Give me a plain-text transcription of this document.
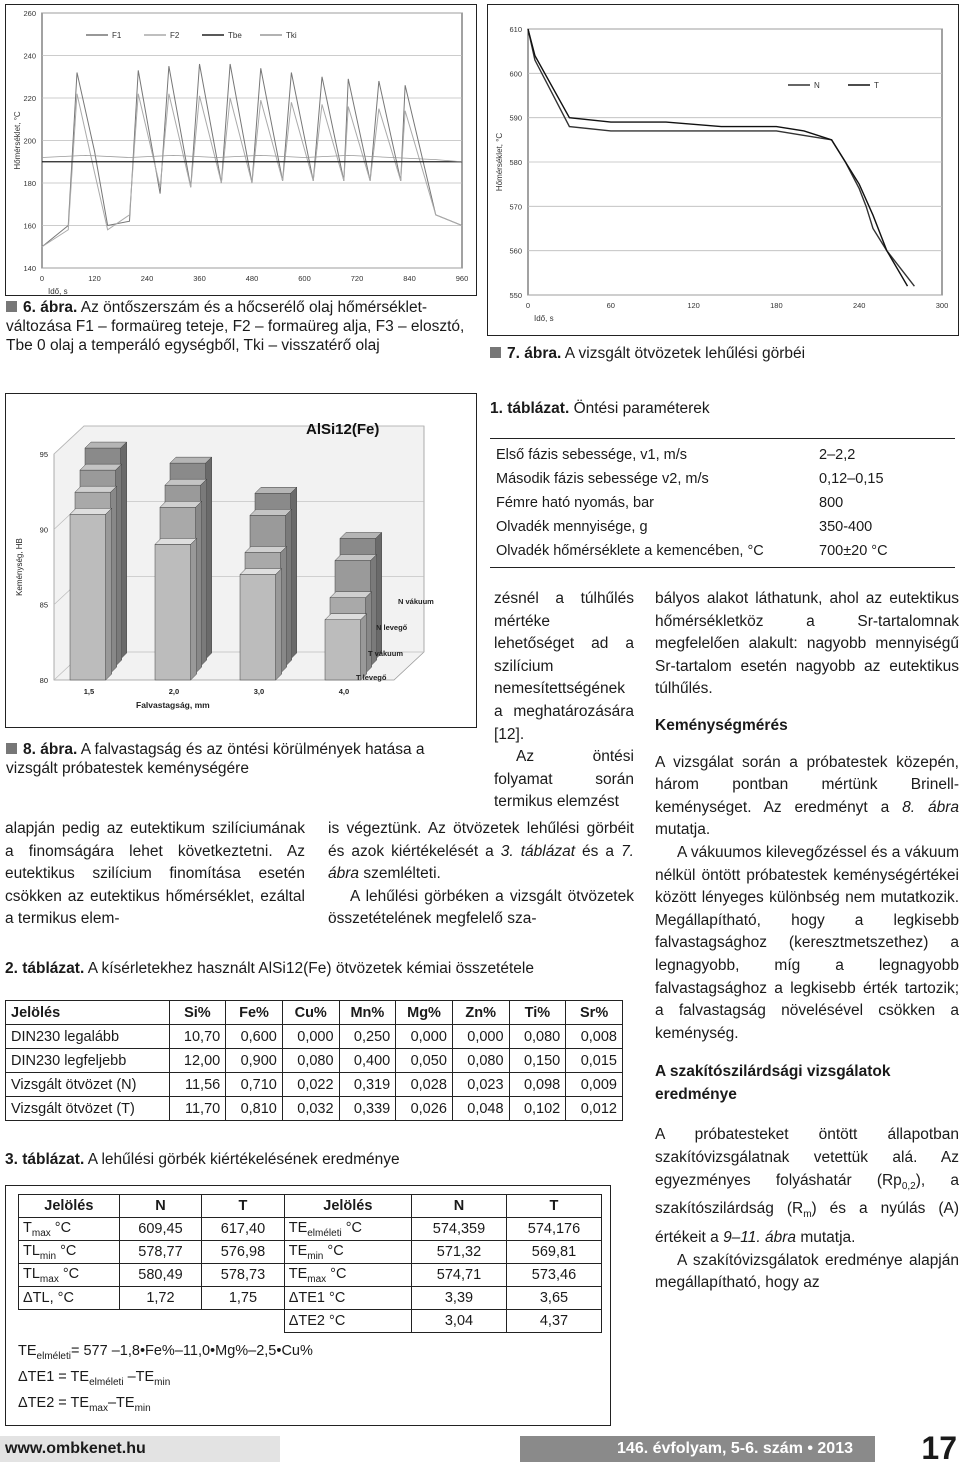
260
240
220
200
180
160
140
0	120	240	360	480	600	720	840	960
Idő, s
Hőmérséklet, °C
F1	F2	Tbe	Tki
6. ábra. Az öntőszerszám és a hőcserélő olaj hőmérséklet-változása F1 – formaüreg teteje, F2 – formaüreg alja, F3 – elosztó, Tbe 0 olaj a temperáló egységből, Tki – visszatérő olaj
610
600
590
580
570
560
550
0	60	120	180	240	300
Idő, s
Hőmérséklet, °C
N	T
7. ábra. A vizsgált ötvözetek lehűlési görbéi
95
90
85
80
AlSi12(Fe)
Keménység, HB
Falvastagság, mm
1,5	2,0	3,0	4,0
N vákuum
N levegő
T vákuum
T levegő
8. ábra. A falvastagság és az öntési körülmények hatása a vizsgált próbatestek keménységére
1. táblázat. Öntési paraméterek
Első fázis sebessége, v1, m/s	2–2,2
Második fázis sebessége v2, m/s	0,12–0,15
Fémre ható nyomás, bar	800
Olvadék mennyisége, g	350-400
Olvadék hőmérséklete a kemencében, °C	700±20 °C

alapján pedig az eutektikum szilíciumának a finomságára lehet következtetni. Az eutektikus szilícium finomítása esetén csökken az eutektikus hőmérséklet, ezáltal a termikus elem-

zésnél a túlhűlés mértéke lehetőséget ad a szilícium nemesítettségének a meghatározására [12].

Az öntési folyamat során termikus elemzést

is végeztünk. Az ötvözetek lehűlési görbéit és azok kiértékelését a 3. táblázat és a 7. ábra szemlélteti.

A lehűlési görbéken a vizsgált ötvözetek összetételének megfelelő sza-

bályos alakot láthatunk, ahol az eutektikus hőmérsékletköz a Sr-tartalomnak megfelelően alakult: nagyobb mennyiségű Sr-tartalom esetén nagyobb az eutektikus túlhűlés.

Keménységmérés

A vizsgálat során a próbatestek közepén, három pontban mértünk Brinell-keménységet. Az eredményt a 8. ábra mutatja.

A vákuumos kilevegőzéssel és a vákuum nélkül öntött próbatestek keménységértékei között lényeges különbség nem mutatkozik. Megállapítható, hogy a legkisebb falvastagsághoz (keresztmetszethez) a legnagyobb, míg a legnagyobb falvastagsághoz a legkisebb érték tartozik; a falvastagság növelésével csökken a keménység.

A szakítószilárdsági vizsgálatok eredménye

A próbatesteket öntött állapotban szakítóvizsgálatnak vetettük alá. Az egyezményes folyáshatár $(Rp_{0,2})$, a szakítószilárdság $(R_m)$ és a nyúlás (A) értékeit a 9–11. ábra mutatja.

A szakítóvizsgálatok eredménye alapján megállapítható, hogy az

2. táblázat. A kísérletekhez használt AlSi12(Fe) ötvözetek kémiai összetétele
Jelölés	Si%	Fe%	Cu%	Mn%	Mg%	Zn%	Ti%	Sr%
DIN230 legalább	10,70	0,600	0,000	0,250	0,000	0,000	0,080	0,008
DIN230 legfeljebb	12,00	0,900	0,080	0,400	0,050	0,080	0,150	0,015
Vizsgált ötvözet (N)	11,56	0,710	0,022	0,319	0,028	0,023	0,098	0,009
Vizsgált ötvözet (T)	11,70	0,810	0,032	0,339	0,026	0,048	0,102	0,012
3. táblázat. A lehűlési görbék kiértékelésének eredménye
Jelölés	N	T	Jelölés	N	T
$T_{max}$ °C	609,45	617,40	$TE_{elméleti}$ °C	574,359	574,176
$TL_{min}$ °C	578,77	576,98	$TE_{min}$ °C	571,32	569,81
$TL_{max}$ °C	580,49	578,73	$TE_{max}$ °C	574,71	573,46
ΔTL, °C	1,72	1,75	ΔTE1 °C	3,39	3,65
			ΔTE2 °C	3,04	4,37
$TE_{elméleti}= 577$ –1,8•Fe%–11,0•Mg%–2,5•Cu%
$\Delta TE1 = TE_{elméleti}$ $-TE_{min}$
$\Delta TE2 = TE_{max}-TE_{min}$
www.ombkenet.hu	146. évfolyam, 5-6. szám • 2013	17
